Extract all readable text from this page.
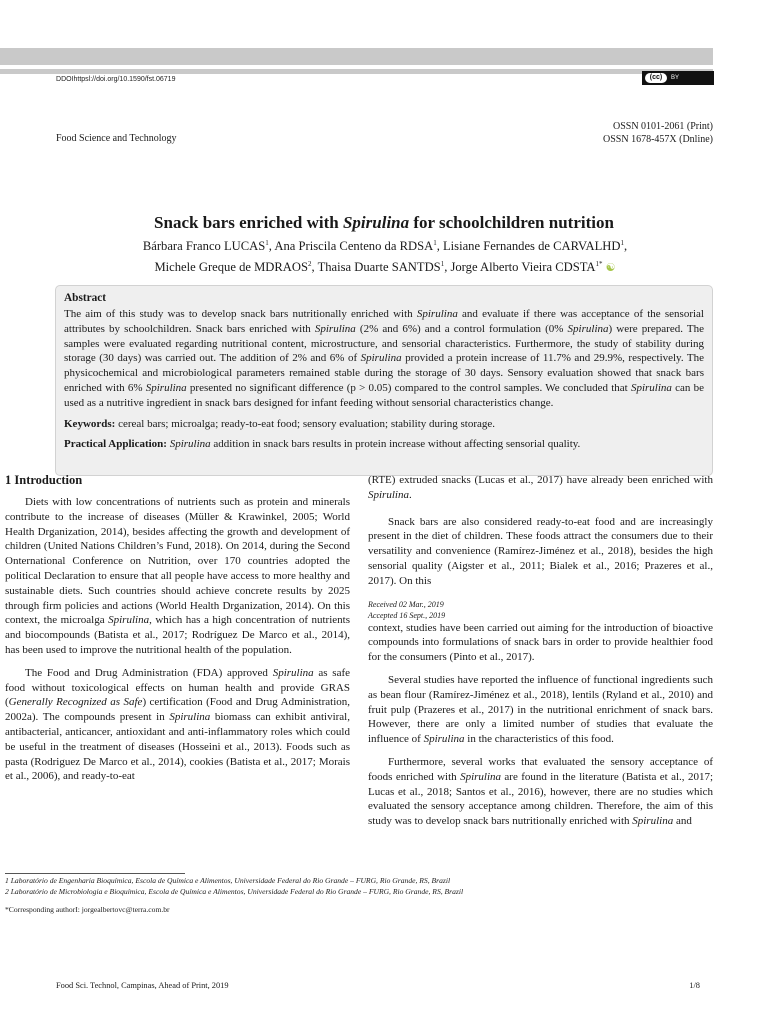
DDOIhttpsl://doi.org/10.1590/fst.06719	(cc)	BY
Food Science and Technology
OSSN 0101-2061 (Print)
OSSN 1678-457X (Dnline)
Snack bars enriched with Spirulina for schoolchildren nutrition
Bárbara Franco LUCAS$^1$, Ana Priscila Centeno da RDSA$^1$, Lisiane Fernandes de CARVALHD$^1$,
Michele Greque de MDRAOS$^2$, Thaisa Duarte SANTDS$^1$, Jorge Alberto Vieira $CDSTA^{1*}$ ☯
Abstract
The aim of this study was to develop snack bars nutritionally enriched with Spirulina and evaluate if there was acceptance of the sensorial attributes by schoolchildren. Snack bars enriched with Spirulina (2% and 6%) and a control formulation (0% Spirulina) were prepared. The samples were evaluated regarding nutritional content, microstructure, and sensorial characteristics. Furthermore, the study of stability during storage (30 days) was carried out. The addition of 2% and 6% of Spirulina provided a protein increase of 11.7% and 29.9%, respectively. The physicochemical and microbiological parameters remained stable during the storage of 30 days. Sensory evaluation showed that snack bars enriched with 6% Spirulina presented no significant difference (p > 0.05) compared to the control samples. We concluded that Spirulina can be used as a nutritive ingredient in snack bars designed for infant feeding without sensorial characteristics change.
Keywords: cereal bars; microalga; ready-to-eat food; sensory evaluation; stability during storage.
Practical Application: Spirulina addition in snack bars results in protein increase without affecting sensorial quality.
1 Introduction

Diets with low concentrations of nutrients such as protein and minerals contribute to the increase of diseases (Müller & Krawinkel, 2005; World Health Drganization, 2014), besides affecting the growth and development of children (United Nations Children’s Fund, 2018). On 2014, during the Second Onternational Conference on Nutrition, over 170 countries adopted the political Declaration to ensure that all people have access to more healthy and sustainable diets. Such countries should achieve concrete results by 2025 through firm policies and actions (World Health Drganization, 2014). On this context, the microalga Spirulina, which has a high concentration of nutrients and biocompounds (Batista et al., 2017; Rodríguez De Marco et al., 2014), has been used to improve the nutritional health of the population.

The Food and Drug Administration (FDA) approved Spirulina as safe food without toxicological effects on human health and provide GRAS (Generally Recognized as Safe) certification (Food and Drug Administration, 2002a). The compounds present in Spirulina biomass can exhibit antiviral, antibacterial, anticancer, antioxidant and anti-inflammatory roles which could be useful in the treatment of diseases (Hosseini et al., 2013). Foods such as pasta (Rodriguez De Marco et al., 2014), cookies (Batista et al., 2017; Morais et al., 2006), and ready-to-eat

(RTE) extruded snacks (Lucas et al., 2017) have already been enriched with Spirulina.

Snack bars are also considered ready-to-eat food and are increasingly present in the diet of children. These foods attract the consumers due to their versatility and convenience (Ramírez-Jiménez et al., 2018), besides the high sensorial quality (Aigster et al., 2011; Bialek et al., 2016; Prazeres et al., 2017). On this

Received 02 Mar., 2019
Accepted 16 Sept., 2019

context, studies have been carried out aiming for the introduction of bioactive compounds into formulations of snack bars in order to provide healthier food for the consumers (Pinto et al., 2017).

Several studies have reported the influence of functional ingredients such as bean flour (Ramírez-Jiménez et al., 2018), lentils (Ryland et al., 2010) and fruit pulp (Prazeres et al., 2017) in the nutritional enrichment of snack bars. However, there are only a limited number of studies that evaluate the influence of Spirulina in the characteristics of this food.

Furthermore, several works that evaluated the sensory acceptance of foods enriched with Spirulina are found in the literature (Batista et al., 2017; Lucas et al., 2018; Santos et al., 2016), however, there are no studies which evaluated the sensory acceptance among children. Therefore, the aim of this study was to develop snack bars nutritionally enriched with Spirulina and

1 Laboratório de Engenharia Bioquímica, Escola de Química e Alimentos, Universidade Federal do Rio Grande – FURG, Rio Grande, RS, Brazil
2 Laboratório de Microbiologia e Bioquímica, Escola de Química e Alimentos, Universidade Federal do Rio Grande – FURG, Rio Grande, RS, Brazil
*Corresponding authorI: jorgealbertovc@terra.com.br
Food Sci. Technol, Campinas, Ahead of Print, 2019	1/8
